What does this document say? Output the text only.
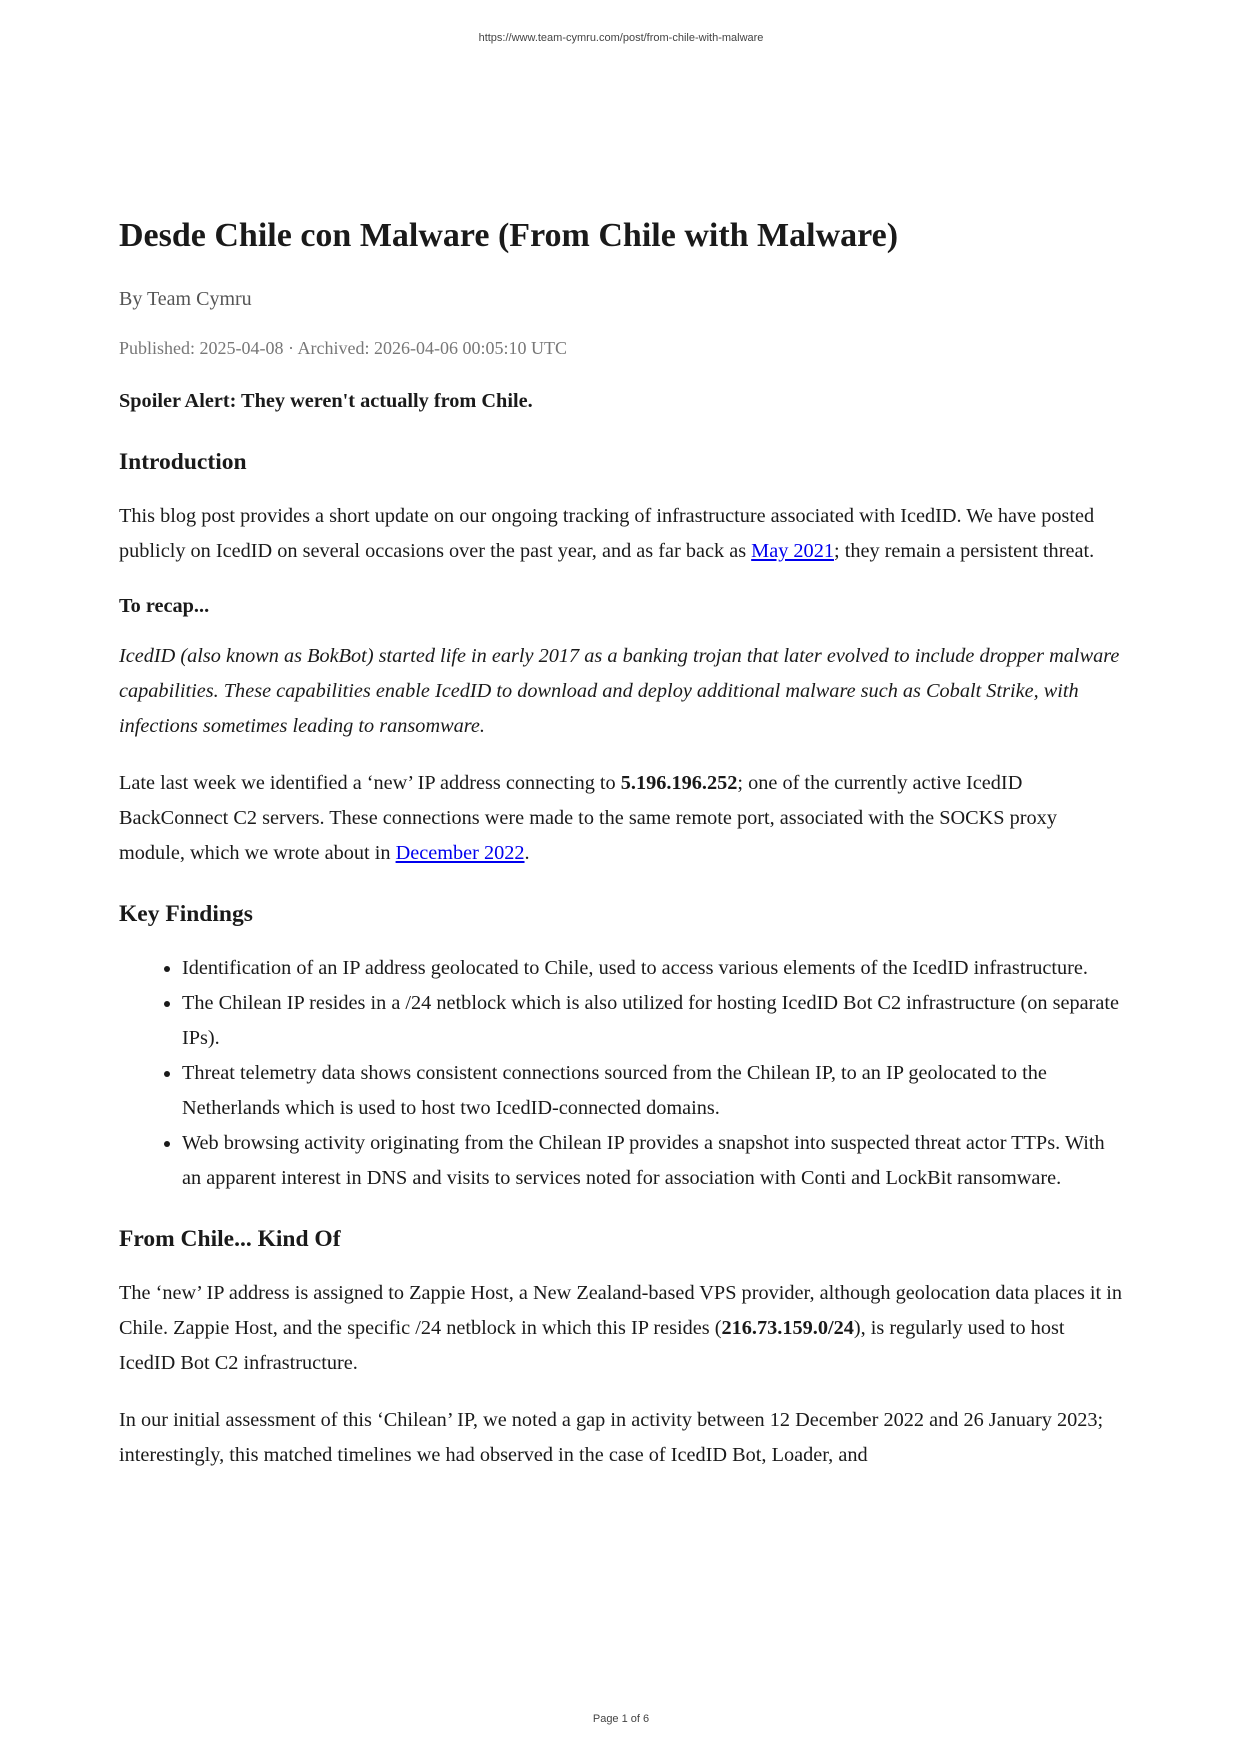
https://www.team-cymru.com/post/from-chile-with-malware
Desde Chile con Malware (From Chile with Malware)
By Team Cymru
Published: 2025-04-08 · Archived: 2026-04-06 00:05:10 UTC

Spoiler Alert: They weren't actually from Chile.

Introduction

This blog post provides a short update on our ongoing tracking of infrastructure associated with IcedID. We have posted publicly on IcedID on several occasions over the past year, and as far back as May 2021; they remain a persistent threat.

To recap...

IcedID (also known as BokBot) started life in early 2017 as a banking trojan that later evolved to include dropper malware capabilities. These capabilities enable IcedID to download and deploy additional malware such as Cobalt Strike, with infections sometimes leading to ransomware.

Late last week we identified a ‘new’ IP address connecting to 5.196.196.252; one of the currently active IcedID BackConnect C2 servers. These connections were made to the same remote port, associated with the SOCKS proxy module, which we wrote about in December 2022.

Key Findings
• Identification of an IP address geolocated to Chile, used to access various elements of the IcedID infrastructure.
• The Chilean IP resides in a /24 netblock which is also utilized for hosting IcedID Bot C2 infrastructure (on separate IPs).
• Threat telemetry data shows consistent connections sourced from the Chilean IP, to an IP geolocated to the Netherlands which is used to host two IcedID-connected domains.
• Web browsing activity originating from the Chilean IP provides a snapshot into suspected threat actor TTPs. With an apparent interest in DNS and visits to services noted for association with Conti and LockBit ransomware.
From Chile... Kind Of

The ‘new’ IP address is assigned to Zappie Host, a New Zealand-based VPS provider, although geolocation data places it in Chile. Zappie Host, and the specific /24 netblock in which this IP resides (216.73.159.0/24), is regularly used to host IcedID Bot C2 infrastructure.

In our initial assessment of this ‘Chilean’ IP, we noted a gap in activity between 12 December 2022 and 26 January 2023; interestingly, this matched timelines we had observed in the case of IcedID Bot, Loader, and

Page 1 of 6
